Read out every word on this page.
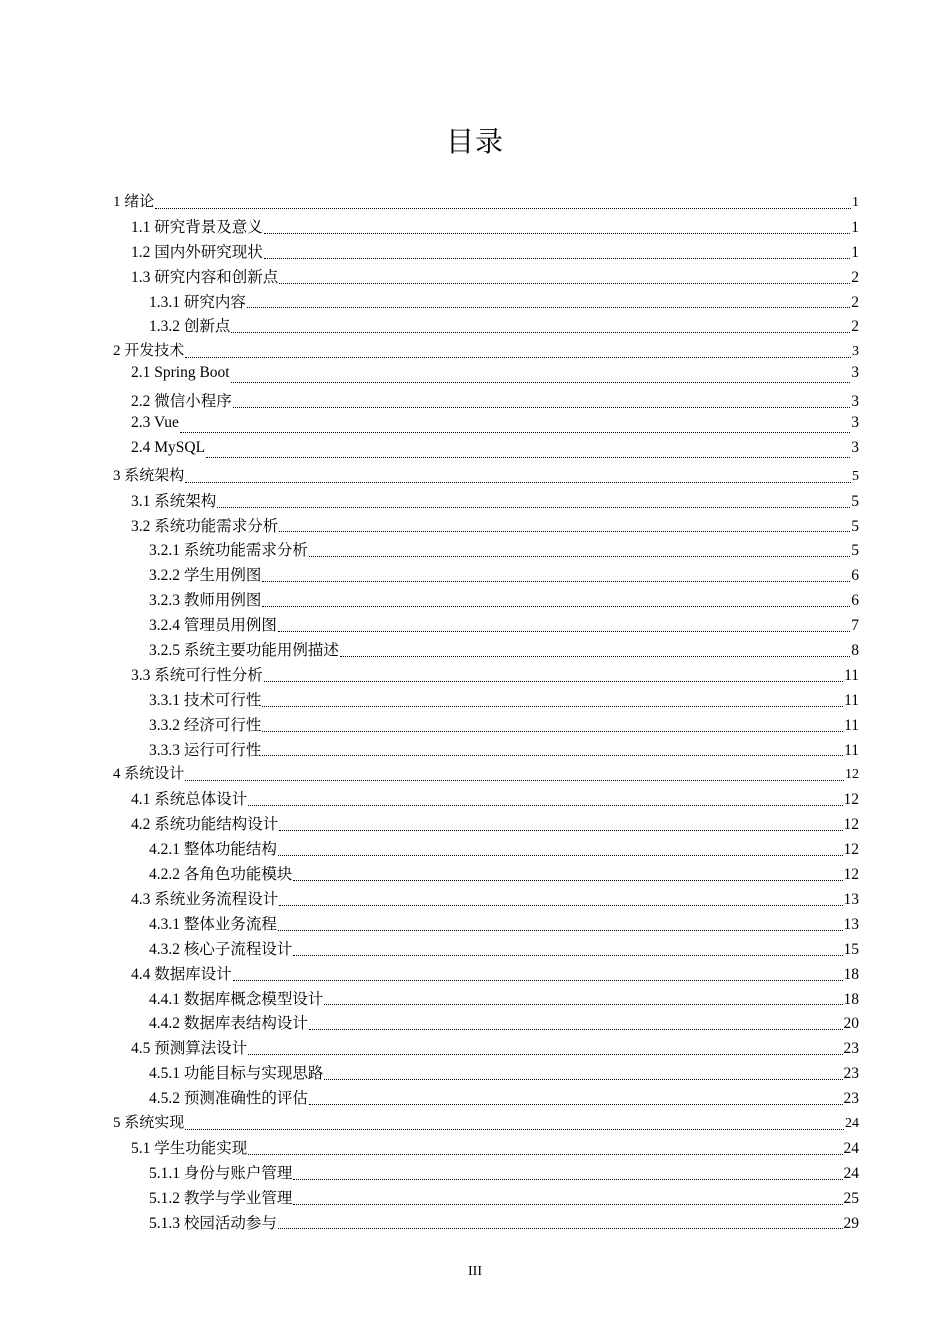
目录
1 绪论	1
1.1 研究背景及意义	1
1.2 国内外研究现状	1
1.3 研究内容和创新点	2
1.3.1 研究内容	2
1.3.2 创新点	2
2 开发技术	3
2.1 Spring Boot	3
2.2 微信小程序	3
2.3 Vue	3
2.4 MySQL	3
3 系统架构	5
3.1 系统架构	5
3.2 系统功能需求分析	5
3.2.1 系统功能需求分析	5
3.2.2 学生用例图	6
3.2.3 教师用例图	6
3.2.4 管理员用例图	7
3.2.5 系统主要功能用例描述	8
3.3 系统可行性分析	11
3.3.1 技术可行性	11
3.3.2 经济可行性	11
3.3.3 运行可行性	11
4 系统设计	12
4.1 系统总体设计	12
4.2 系统功能结构设计	12
4.2.1 整体功能结构	12
4.2.2 各角色功能模块	12
4.3 系统业务流程设计	13
4.3.1 整体业务流程	13
4.3.2 核心子流程设计	15
4.4 数据库设计	18
4.4.1 数据库概念模型设计	18
4.4.2 数据库表结构设计	20
4.5 预测算法设计	23
4.5.1 功能目标与实现思路	23
4.5.2 预测准确性的评估	23
5 系统实现	24
5.1 学生功能实现	24
5.1.1 身份与账户管理	24
5.1.2 教学与学业管理	25
5.1.3 校园活动参与	29
III
